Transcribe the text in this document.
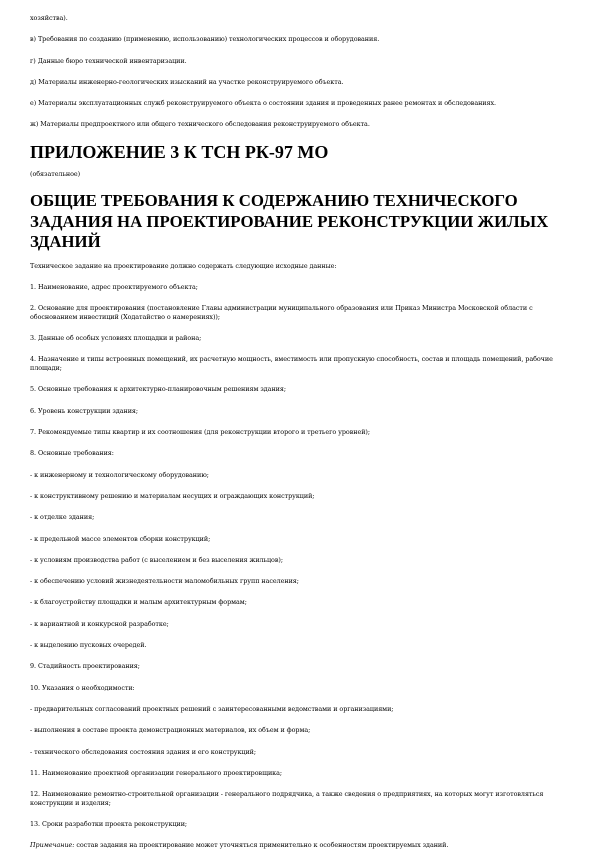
хозяйства).

в) Требования по созданию (применению, использованию) технологических процессов и оборудования.

г) Данные бюро технической инвентаризации.

д) Материалы инженерно-геологических изысканий на участке реконструируемого объекта.

е) Материалы эксплуатационных служб реконструируемого объекта о состоянии здания и проведенных ранее ремонтах и обследованиях.

ж) Материалы предпроектного или общего технического обследования реконструируемого объекта.

ПРИЛОЖЕНИЕ 3 К ТСН РК-97 МО

(обязательное)

ОБЩИЕ ТРЕБОВАНИЯ К СОДЕРЖАНИЮ ТЕХНИЧЕСКОГО ЗАДАНИЯ НА ПРОЕКТИРОВАНИЕ РЕКОНСТРУКЦИИ ЖИЛЫХ ЗДАНИЙ

Техническое задание на проектирование должно содержать следующие исходные данные:

1. Наименование, адрес проектируемого объекта;

2. Основание для проектирования (постановление Главы администрации муниципального образования или Приказ Министра Московской области с обоснованием инвестиций (Ходатайство о намерениях));

3. Данные об особых условиях площадки и района;

4. Назначение и типы встроенных помещений, их расчетную мощность, вместимость или пропускную способность, состав и площадь помещений, рабочие площади;

5. Основные требования к архитектурно-планировочным решениям здания;

6. Уровень конструкции здания;

7. Рекомендуемые типы квартир и их соотношения (для реконструкции второго и третьего уровней);

8. Основные требования:

- к инженерному и технологическому оборудованию;

- к конструктивному решению и материалам несущих и ограждающих конструкций;

- к отделке здания;

- к предельной массе элементов сборки конструкций;

- к условиям производства работ (с выселением и без выселения жильцов);

- к обеспечению условий жизнедеятельности маломобильных групп населения;

- к благоустройству площадки и малым архитектурным формам;

- к вариантной и конкурсной разработке;

- к выделению пусковых очередей.

9. Стадийность проектирования;

10. Указания о необходимости:

- предварительных согласований проектных решений с заинтересованными ведомствами и организациями;

- выполнения в составе проекта демонстрационных материалов, их объем и форма;

- технического обследования состояния здания и его конструкций;

11. Наименование проектной организации генерального проектировщика;

12. Наименование ремонтно-строительной организации - генерального подрядчика, а также сведения о предприятиях, на которых могут изготовляться конструкции и изделия;

13. Сроки разработки проекта реконструкции;

Примечание: состав задания на проектирование может уточняться применительно к особенностям проектируемых зданий.
